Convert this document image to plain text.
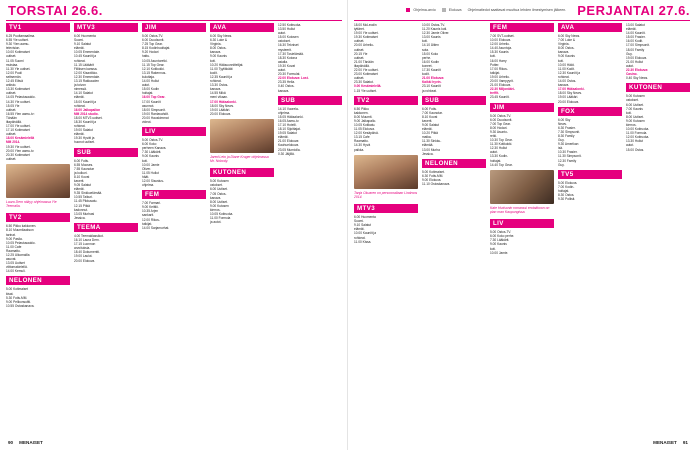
TORSTAI 26.6.
TV1
6.25 Puoltamaailma.
6.55 Yle uutiset.
9.30 Ylen aamu-
television.
10.00 Kotimaiset
uutiset.
11.05 Suomi
muistaa.
11.30 Yle uutiset.
12.00 Puoli
seitsemän.
12.45 Elävä
arkisto.
13.30 Kotimaiset
uutiset.
14.05 Pelastusaukio.
14.30 Yle uutiset.
15.05 Yle
uutiset.
16.55 Ylen aamu-tv:
Tänään
iltapäivällä.
17.00 Yle uutiset.
17.10 Kotimaiset
uutiset.
18.00 Kesämielellä
MM 2014.
19.30 Yle uutiset.
20.00 Ylen aamu-tv.
20.30 Kotimaiset
uutiset.
Laura Dern näkyy ohjelmassa Yle Teemalla.
TV2
6.50 Pikku kakkonen.
8.10 Muumilaakson
tarinat.
9.00 Pasila.
10.05 Pelastusaukio.
11.00 Cafe
Raamattu.
12.25 Ulkomailla
asuvat.
13.05 Uutiset
viittomakielellä.
14.00 Kemuli.
NELONEN
5.00 Kotimaiset
kisat.
5.30 Futis-MM.
9.00 Pelikonsultti.
10.55 Ostoskanava.
MTV3
6.00 Huomenta
Suomi.
9.10 Salatut
elämät.
10.05 Emmerdale.
10.45 Kauniit ja
rohkeat.
11.15 Lääkärit
Fiiliksen kanssa.
12.00 Kisaviikko.
12.30 Emmerdale.
13.15 Rakkauden
ja toivon
nimessä.
14.10 Salatut
elämät.
15.00 Kauniit ja
rohkeat.
16.00 Jalkapallon
MM 2014 studio.
18.00 MTV3 uutiset.
18.30 Kauniit ja
rohkeat.
19.00 Salatut
elämät.
19.30 Hyvät ja
huonot uutiset.
SUB
6.00 Futis.
6.55 Mooses.
7.55 Kaunotar
ja kulkuri.
8.10 Kovat
kaverit.
9.05 Salatut
elämät.
9.35 Sinkkuelämää.
10.55 Taikuri.
11.45 Pikkusatu.
12.15 Pitkä
kadonnut.
13.05 Murhasi
Jessica.
TEEMA
4.00 Teemaklassikot.
16.10 Laura Dern.
17.15 Luonnon
arvoituksia.
18.40 Dokumentti.
19.00 Laulut.
20.00 Elokuva.
JIM
5.00 Ostos-TV.
6.00 Duudsonit.
7.25 Top Gear.
8.15 Kodinhuoltajat.
9.20 Hodari
hattu.
10.05 Asuntoretki.
11.15 Top Gear.
12.10 Kotikokki.
13.15 Rakennus-
kuluttaja.
14.00 Hullut
autot.
15.00 Kodin
hoitajat.
16.00 Top Gear.
17.00 Kauniit
asunnot.
18.00 Simpsonit.
19.00 Rantavahdit.
20.00 Hauskimmat
videot.
LIV
5.00 Ostos-TV.
6.00 Koko
perheen Kanava.
7.30 Lääkärit.
9.00 Kaunis
koti.
10.00 Jamie
Oliver.
11.05 Hullut
häät.
12.00 Sisustus-
ohjelma.
FEM
7.00 Farmari.
9.00 Keittiö.
10.35 Arjen
sankarit.
12.00 Rikos-
tutkijat.
14.00 Sarjamurhat.
AVA
6.00 Sky News.
6.30 Luke &
Virginia.
8.00 Ostos-
kanava.
9.00 Kaunis
koti.
10.20 Hääsuunnittelijat.
11.00 Tyylikkäät
kodit.
12.35 Kauniit ja
rohkeat.
13.30 Ostos-
kanava.
14.55 Mikä
meni vikaan.
17.00 Hääsalonki.
18.00 Sky News.
19.00 Lääkäri.
20.00 Elokuva.
Jared Leto ja Diane Kruger ohjelmassa Mr. Nobody.
KUTONEN
5.00 Kutosen
ostokset.
6.00 Uutiset.
7.05 Ostos-
kanava.
8.00 Uutiset.
9.00 Kutosen
kierros.
10.05 Kotiruoka.
11.00 Formula
ja autot.
12.50 Kotiruoka.
13.50 Hullut
autot.
15.00 Kutosen
ostokset.
16.30 Tekniset
mysteerit.
17.30 Tosielämää.
18.30 Kotona
asialla.
19.30 Kovat
autot.
20.30 Formulat.
22.00 Elokuva: Lost.
23.35 Hella.
0.40 Ostos-
kanava.
SUB
14.10 Vuorela-
ohjelma.
15.05 Hääsalonki.
16.05 Aamu-tv.
17.10 Hotelli.
18.10 Sijoittajat.
19.05 Salatut
elämät.
21.00 Elokuva:
Kauhuelokuva.
23.05 Mumiolla.
0.30 Jäljillä.
90 MENAISET
Ohjelma-arvio	Elokuva Ohjelmatiedot saattavat muuttua lehden ilmestymisen jälkeen. PERJANTAI 27.6.
18.00 McLeodin
tyttäret.
19.00 Yle uutiset.
19.30 Kotimaiset
uutiset.
20.00 Urheilu-
uutiset.
20.15 Yle
uutiset.
21.00 Tänään
iltapäivällä.
22.00 Yle uutiset.
23.00 Kotimaiset
uutiset.
23.30 Salatut.
0.00 Kesämielellä.
1.15 Yle uutiset.
TV2
6.50 Pikku
kakkonen.
8.00 Muumit.
9.00 Jalkapallo.
10.05 Kotikatu.
11.05 Elokuva.
12.00 Kesäpäivä.
13.15 Cafe
Raamattu.
14.30 Hyvä
paikka.
Tanja Okuaren on persoonaltaan Lindroos 2014.
MTV3
6.00 Huomenta
Suomi.
9.10 Salatut
elämät.
10.00 Kauniit ja
rohkeat.
11.00 Kissa.
10.00 Ostos-TV.
11.20 Kaunis koti.
12.30 Jamie Oliver.
13.00 Kaunis
koti.
14.10 Äitien
sota.
15.00 Koko
perhe.
16.00 Kodin
koneet.
17.30 Kauniit
kodit.
21.00 Elokuva:
Kaikki hyvin.
23.10 Kauniit
ja rohkeat.
SUB
6.00 Futis.
7.00 Kaunotar.
8.10 Kovat
kaverit.
9.00 Salatut
elämät.
10.20 Pitkä
matka.
11.30 Sinkku-
elämää.
13.00 Murha
Jessica.
NELONEN
5.00 Kotimaiset.
6.30 Futis-MM.
9.00 Elokuva.
11.10 Ostoskanava.
FEM
7.00 SVT-uutiset.
10.00 Elokuva.
12.00 Urheilu.
14.40 Asuntoja.
15.30 Kaunis
koti.
16.00 Harry
Potter.
17.00 Rikos-
tutkijat.
19.00 Urheilu.
20.00 Vampyyrit.
21.00 Elokuva.
22.30 Miljonääri-
treffit.
23.45 Kauniit.
JIM
5.00 Ostos-TV.
6.00 Duudsonit.
7.00 Top Gear.
8.00 Hodari.
9.30 Asunto-
retki.
10.30 Top Gear.
11.30 Kotikokki.
12.30 Hullut
autot.
13.30 Kodin-
hoitajat.
14.40 Top Gear.
Kate Hudsonin romanssi erotakkoon on plan man Kaupungissa.
LIV
5.00 Ostos-TV.
6.00 Koko perhe.
7.30 Lääkärit.
9.00 Kaunis
koti.
10.00 Jamie.
AVA
6.00 Sky News.
7.00 Luke &
Virginia.
8.00 Ostos-
kanava.
9.00 Kaunis
koti.
10.00 Häät.
11.00 Kodit.
12.30 Kauniit ja
rohkeat.
14.00 Ostos-
kanava.
17.00 Hääsalonki.
18.00 Sky News.
19.00 Lääkäri.
20.00 Elokuva.
FOX
6.00 Sky
News.
6.30 Frasier.
7.30 Simpsonit.
8.30 Family
Guy.
9.30 Amerikan
isä.
10.30 Frasier.
11.30 Simpsonit.
12.30 Family
Guy.
TV5
5.00 Elokuva.
7.00 Kodin-
hoitajat.
8.30 Ostos.
9.30 Poliisit.
13.00 Salatut
elämät.
14.00 Kauniit.
15.00 Frasier.
16.00 Kodit.
17.00 Simpsonit.
18.00 Family
Guy.
19.00 Elokuva.
21.00 Hullut
autot.
22.30 Elokuva:
Casino.
0.40 Sky News.
KUTONEN
5.00 Kutosen
ostokset.
6.00 Uutiset.
7.00 Kaunis
koti.
8.00 Uutiset.
9.00 Kutosen
kierros.
10.00 Kotiruoka.
11.00 Formula.
12.00 Kotiruoka.
13.30 Hullut
autot.
15.00 Ostos.
MENAISET 91
